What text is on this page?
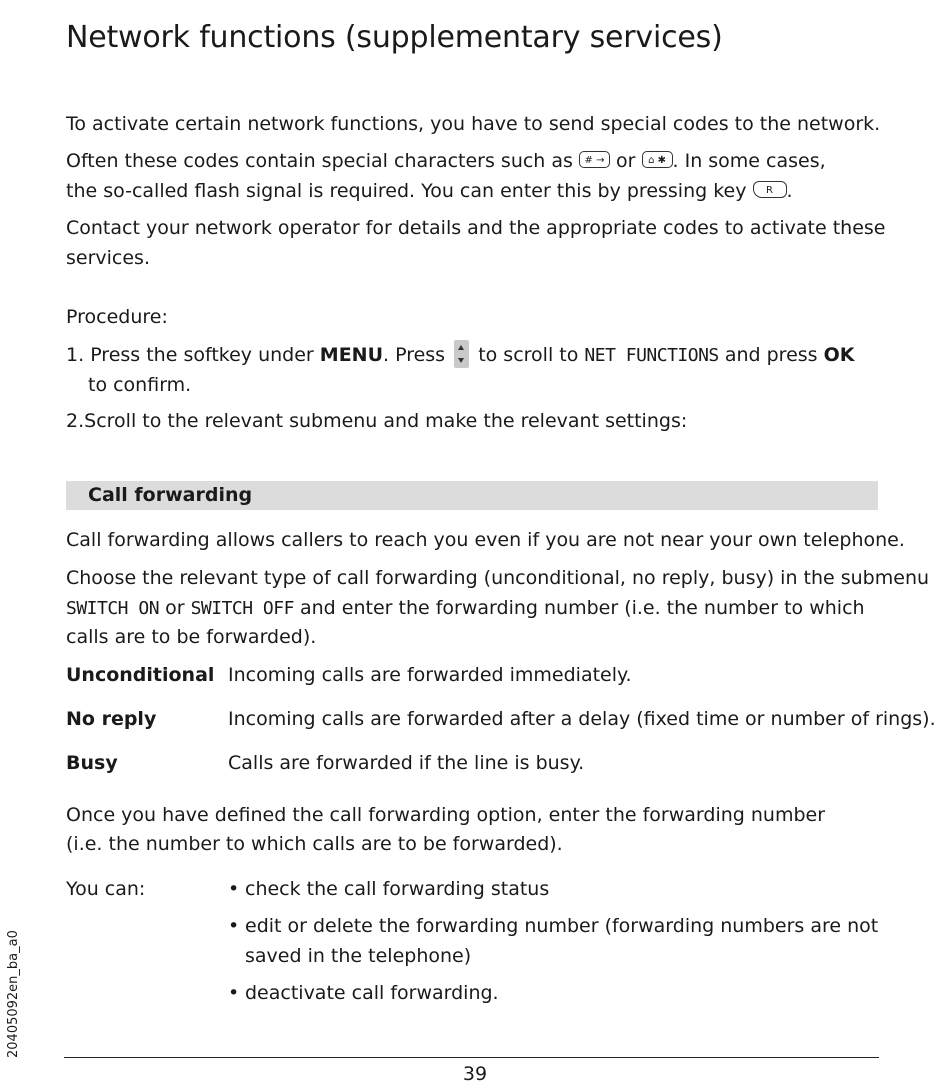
Network functions (supplementary services)

To activate certain network functions, you have to send special codes to the network.

Often these codes contain special characters such as # → or ⌂ ✱ . In some cases,

the so-called flash signal is required. You can enter this by pressing key R .

Contact your network operator for details and the appropriate codes to activate these

services.

Procedure:

1. Press the softkey under MENU. Press to scroll to NET FUNCTIONS and press OK

to confirm.

2.Scroll to the relevant submenu and make the relevant settings:

Call forwarding

Call forwarding allows callers to reach you even if you are not near your own telephone.

Choose the relevant type of call forwarding (unconditional, no reply, busy) in the submenu

SWITCH ON or SWITCH OFF and enter the forwarding number (i.e. the number to which

calls are to be forwarded).

Unconditional Incoming calls are forwarded immediately.
No reply	Incoming calls are forwarded after a delay (fixed time or number of rings).
Busy	Calls are forwarded if the line is busy.

Once you have defined the call forwarding option, enter the forwarding number

(i.e. the number to which calls are to be forwarded).

You can:	• check the call forwarding status
• edit or delete the forwarding number (forwarding numbers are not
saved in the telephone)
• deactivate call forwarding.
39
20405092en_ba_a0
